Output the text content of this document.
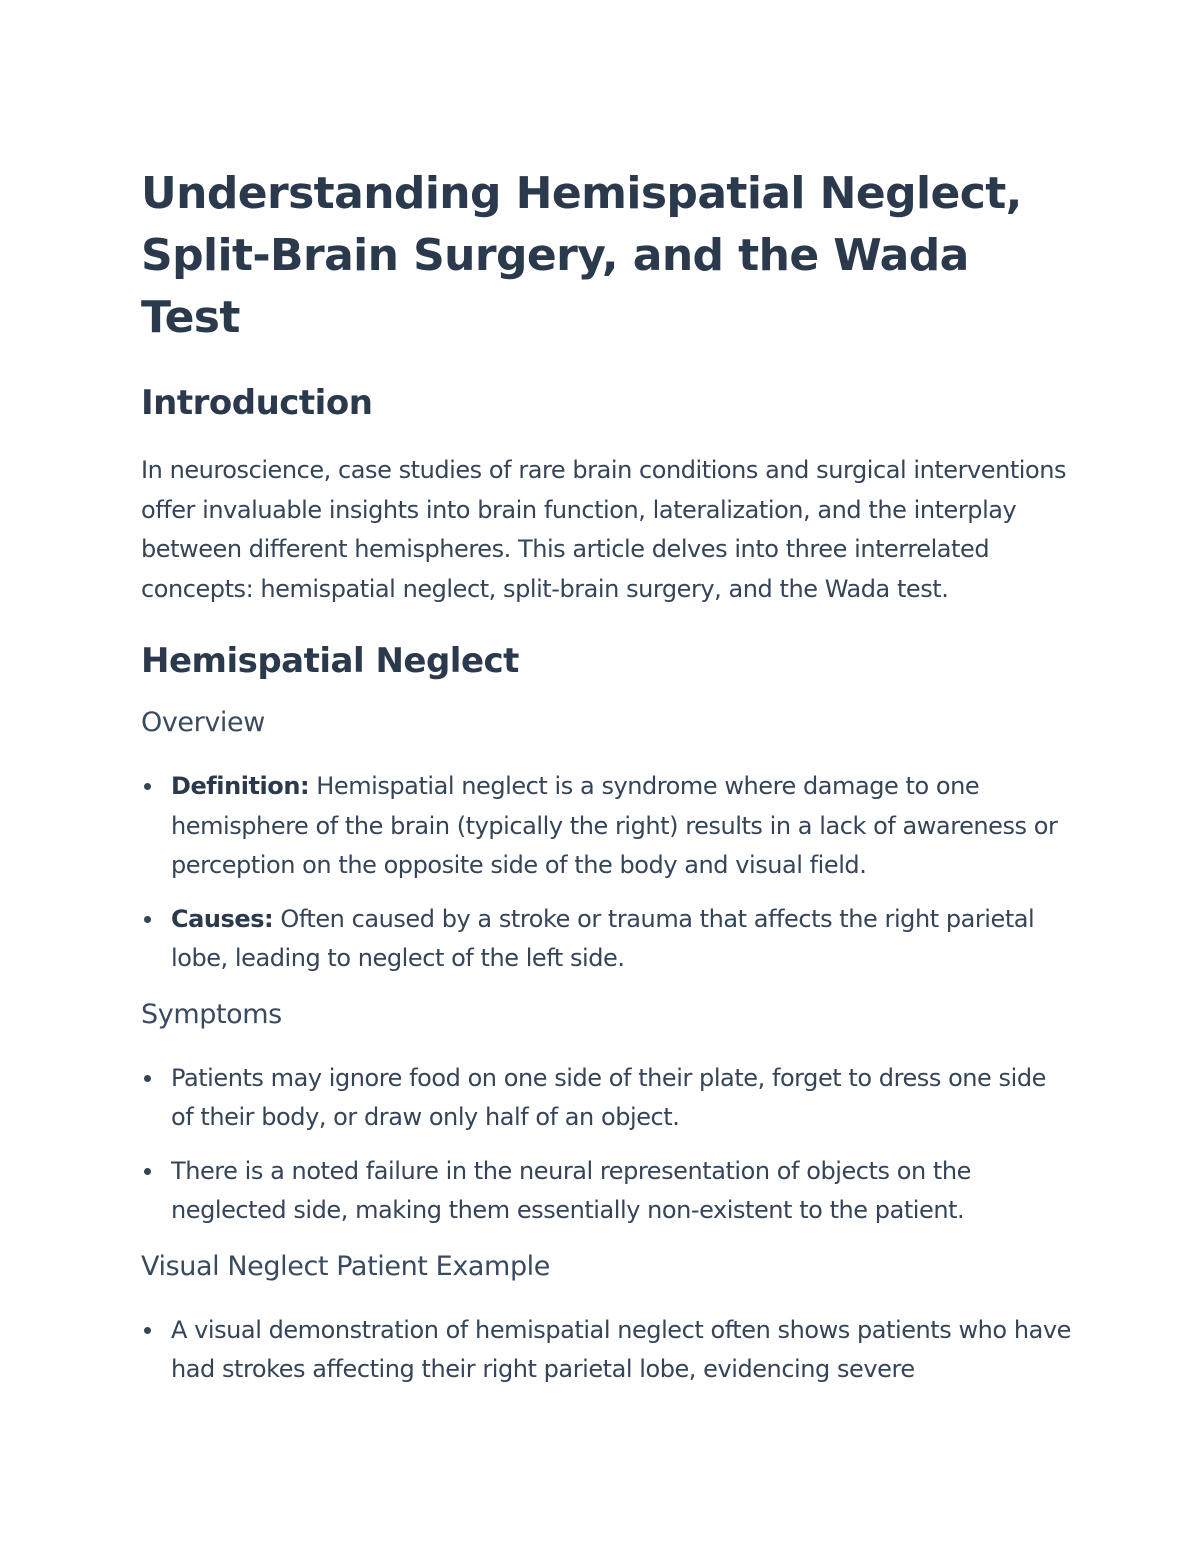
Understanding Hemispatial Neglect, Split-Brain Surgery, and the Wada Test
Introduction

In neuroscience, case studies of rare brain conditions and surgical interventions offer invaluable insights into brain function, lateralization, and the interplay between different hemispheres. This article delves into three interrelated concepts: hemispatial neglect, split-brain surgery, and the Wada test.

Hemispatial Neglect
Overview
Definition: Hemispatial neglect is a syndrome where damage to one hemisphere of the brain (typically the right) results in a lack of awareness or perception on the opposite side of the body and visual field.
Causes: Often caused by a stroke or trauma that affects the right parietal lobe, leading to neglect of the left side.
Symptoms
Patients may ignore food on one side of their plate, forget to dress one side of their body, or draw only half of an object.
There is a noted failure in the neural representation of objects on the neglected side, making them essentially non-existent to the patient.
Visual Neglect Patient Example
A visual demonstration of hemispatial neglect often shows patients who have had strokes affecting their right parietal lobe, evidencing severe
